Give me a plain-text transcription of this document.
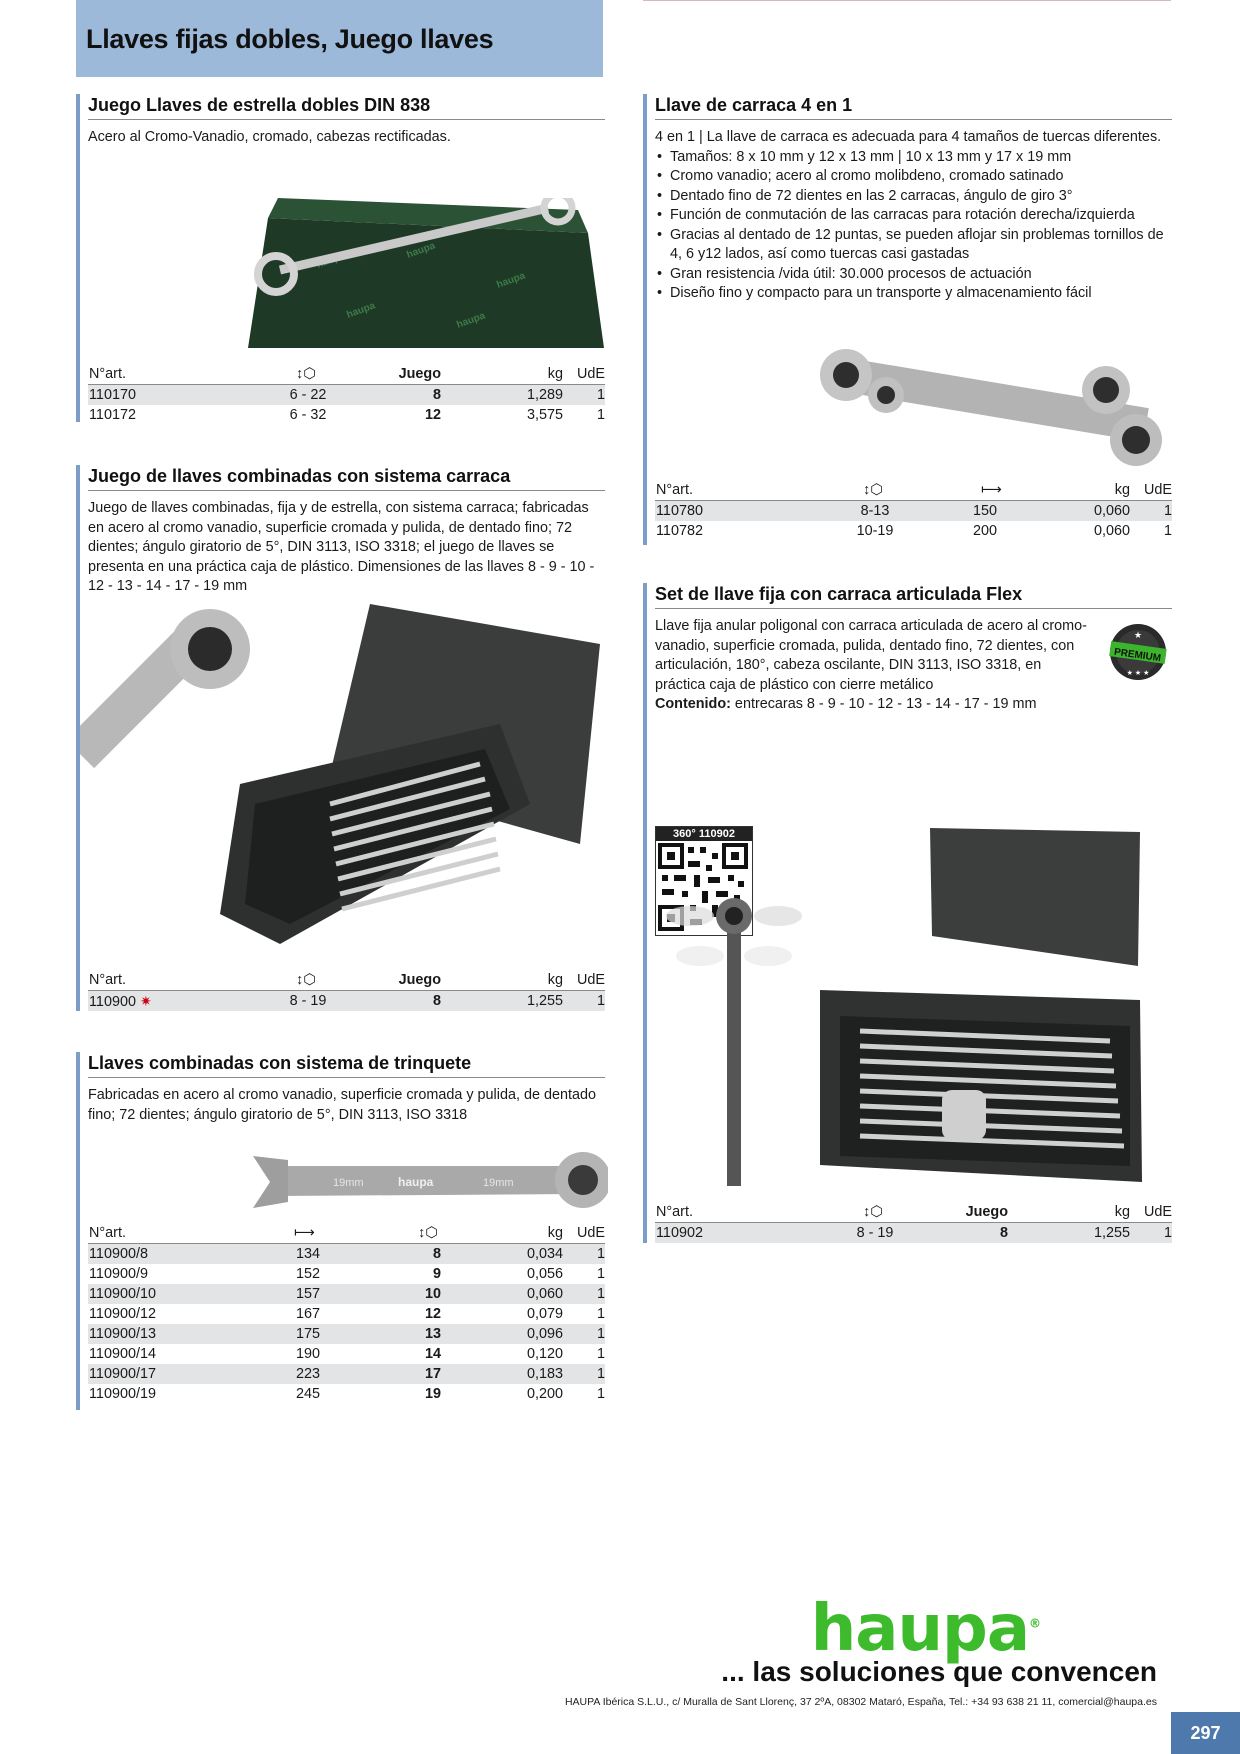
Llaves fijas dobles, Juego llaves
Juego Llaves de estrella dobles DIN 838
Acero al Cromo-Vanadio, cromado, cabezas rectificadas.
haupa	haupa
haupa
haupa	haupa
N°art.	↕⬡	Juego	kg UdE
110170	6 - 22	8	1,289 1
110172	6 - 32	12	3,575 1
Juego de llaves combinadas con sistema carraca
Juego de llaves combinadas, fija y de estrella, con sistema carraca; fabricadas en acero al cromo vanadio, superficie cromada y pulida, de dentado fino; 72 dientes; ángulo giratorio de 5°, DIN 3113, ISO 3318; el juego de llaves se presenta en una práctica caja de plástico. Dimensiones de las llaves 8 - 9 - 10 - 12 - 13 - 14 - 17 - 19 mm
N°art.	↕⬡	Juego	kg UdE
110900 ✷	8 - 19	8	1,255 1
Llaves combinadas con sistema de trinquete
Fabricadas en acero al cromo vanadio, superficie cromada y pulida, de dentado fino; 72 dientes; ángulo giratorio de 5°, DIN 3113, ISO 3318
19mm	haupa	19mm
N°art.	⟼	↕⬡	kg UdE
110900/8	134	8	0,034 1
110900/9	152	9	0,056 1
110900/10	157	10	0,060 1
110900/12	167	12	0,079 1
110900/13	175	13	0,096 1
110900/14	190	14	0,120 1
110900/17	223	17	0,183 1
110900/19	245	19	0,200 1
Llave de carraca 4 en 1
4 en 1 | La llave de carraca es adecuada para 4 tamaños de tuercas diferentes.
• Tamaños: 8 x 10 mm y 12 x 13 mm | 10 x 13 mm y 17 x 19 mm
• Cromo vanadio; acero al cromo molibdeno, cromado satinado
• Dentado fino de 72 dientes en las 2 carracas, ángulo de giro 3°
• Función de conmutación de las carracas para rotación derecha/izquierda
• Gracias al dentado de 12 puntas, se pueden aflojar sin problemas tornillos de 4, 6 y12 lados, así como tuercas casi gastadas
• Gran resistencia /vida útil: 30.000 procesos de actuación
• Diseño fino y compacto para un transporte y almacenamiento fácil
N°art.	↕⬡	⟼	kg UdE
110780	8-13	150	0,060 1
110782	10-19	200	0,060 1
Set de llave fija con carraca articulada Flex
Llave fija anular poligonal con carraca articulada de acero al cromo-vanadio, superficie cromada, pulida, dentado fino, 72 dientes, con articulación, 180°, cabeza oscilante, DIN 3113, ISO 3318, en práctica caja de plástico con cierre metálico
Contenido: entrecaras 8 - 9 - 10 - 12 - 13 - 14 - 17 - 19 mm
PREMIUM
★
★ ★ ★
360° 110902
N°art.	↕⬡	Juego	kg UdE
110902	8 - 19	8	1,255 1
haupa®
... las soluciones que convencen
HAUPA Ibérica S.L.U., c/ Muralla de Sant Llorenç, 37 2ºA, 08302 Mataró, España, Tel.: +34 93 638 21 11, comercial@haupa.es
297
